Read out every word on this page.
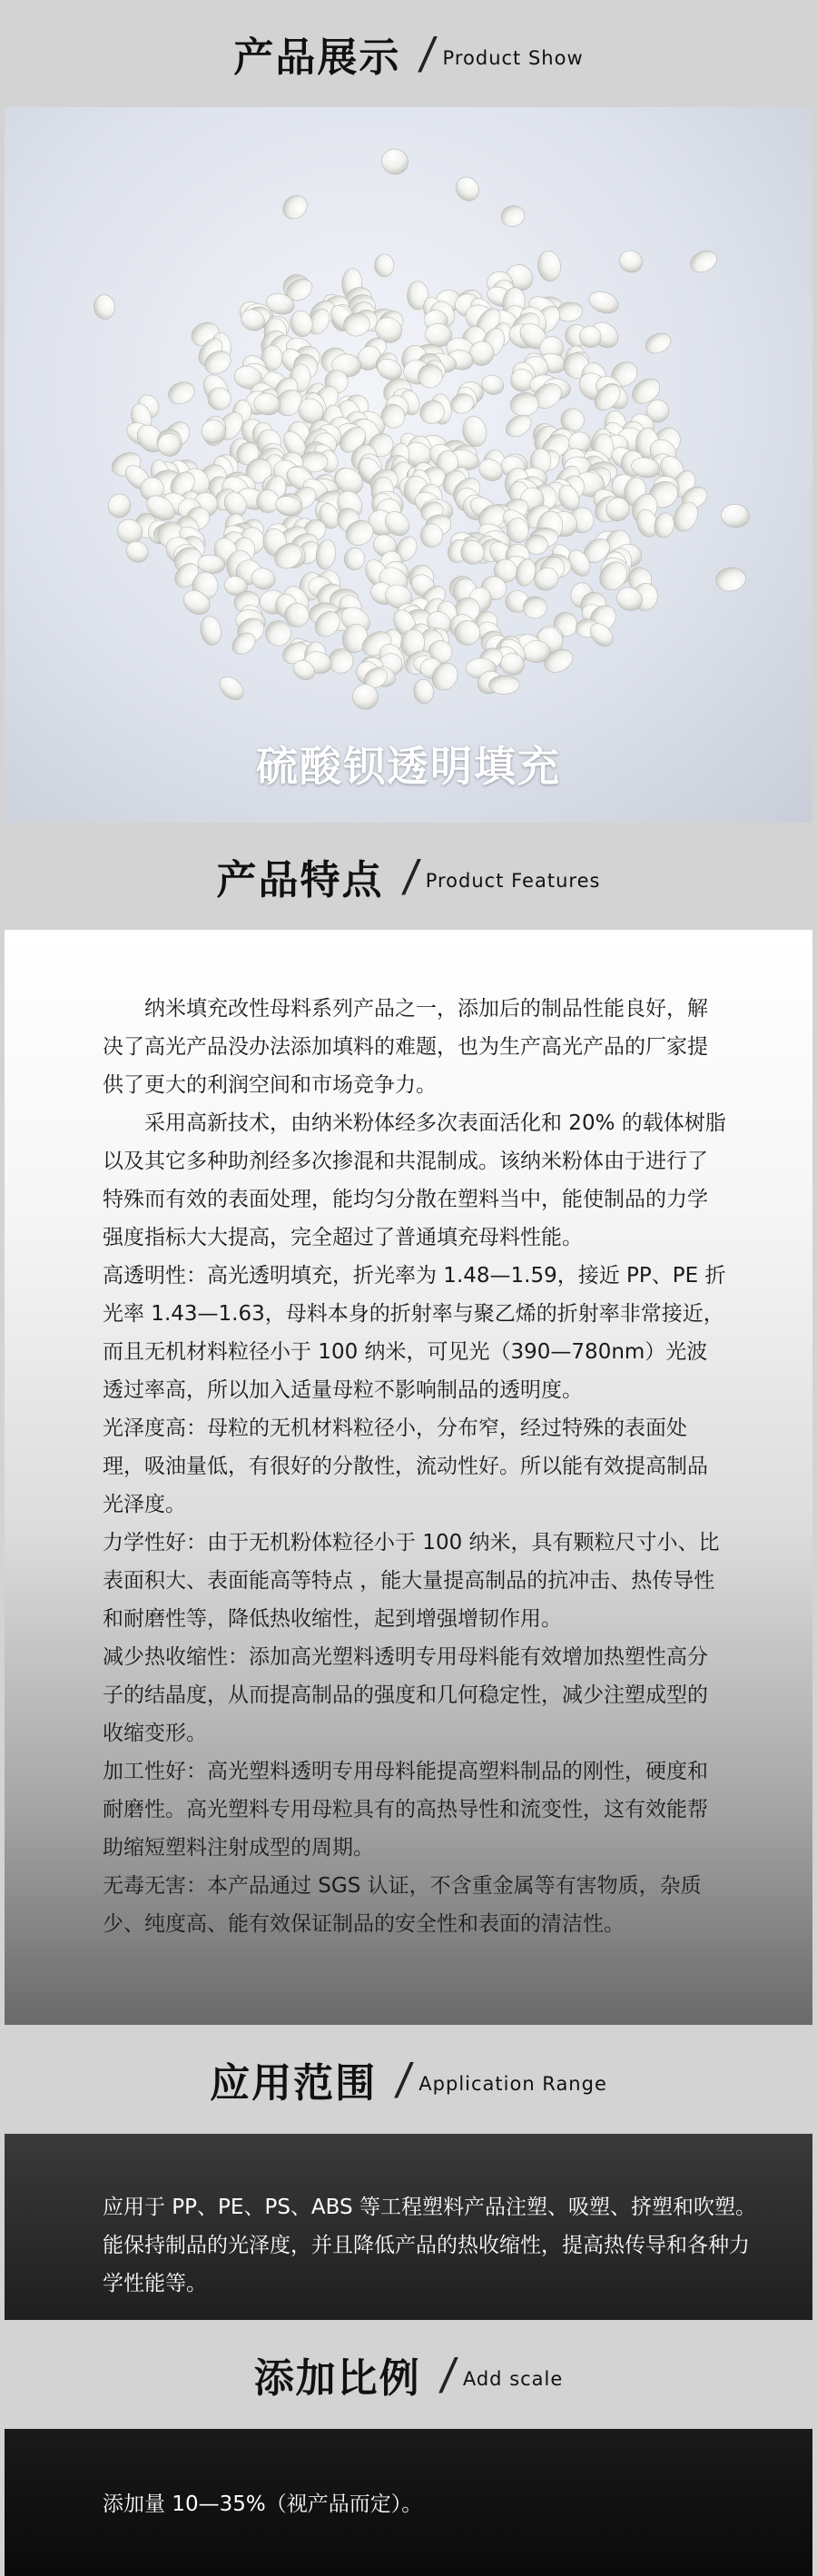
产品展示 / Product Show
硫酸钡透明填充
产品特点 / Product Features

纳米填充改性母料系列产品之一，添加后的制品性能良好，解决了高光产品没办法添加填料的难题，也为生产高光产品的厂家提供了更大的利润空间和市场竞争力。

采用高新技术，由纳米粉体经多次表面活化和 20% 的载体树脂以及其它多种助剂经多次掺混和共混制成。该纳米粉体由于进行了特殊而有效的表面处理，能均匀分散在塑料当中，能使制品的力学强度指标大大提高，完全超过了普通填充母料性能。

高透明性：高光透明填充，折光率为 1.48—1.59，接近 PP、PE 折光率 1.43—1.63，母料本身的折射率与聚乙烯的折射率非常接近，而且无机材料粒径小于 100 纳米，可见光（390—780nm）光波透过率高，所以加入适量母粒不影响制品的透明度。

光泽度高：母粒的无机材料粒径小，分布窄，经过特殊的表面处理，吸油量低，有很好的分散性，流动性好。所以能有效提高制品光泽度。

力学性好：由于无机粉体粒径小于 100 纳米，具有颗粒尺寸小、比表面积大、表面能高等特点 ，能大量提高制品的抗冲击、热传导性和耐磨性等，降低热收缩性，起到增强增韧作用。

减少热收缩性：添加高光塑料透明专用母料能有效增加热塑性高分子的结晶度，从而提高制品的强度和几何稳定性，减少注塑成型的收缩变形。

加工性好：高光塑料透明专用母料能提高塑料制品的刚性，硬度和耐磨性。高光塑料专用母粒具有的高热导性和流变性，这有效能帮助缩短塑料注射成型的周期。

无毒无害：本产品通过 SGS 认证，不含重金属等有害物质，杂质少、纯度高、能有效保证制品的安全性和表面的清洁性。

应用范围 / Application Range

应用于 PP、PE、PS、ABS 等工程塑料产品注塑、吸塑、挤塑和吹塑。能保持制品的光泽度，并且降低产品的热收缩性，提高热传导和各种力学性能等。

添加比例 / Add scale

添加量 10—35%（视产品而定）。
